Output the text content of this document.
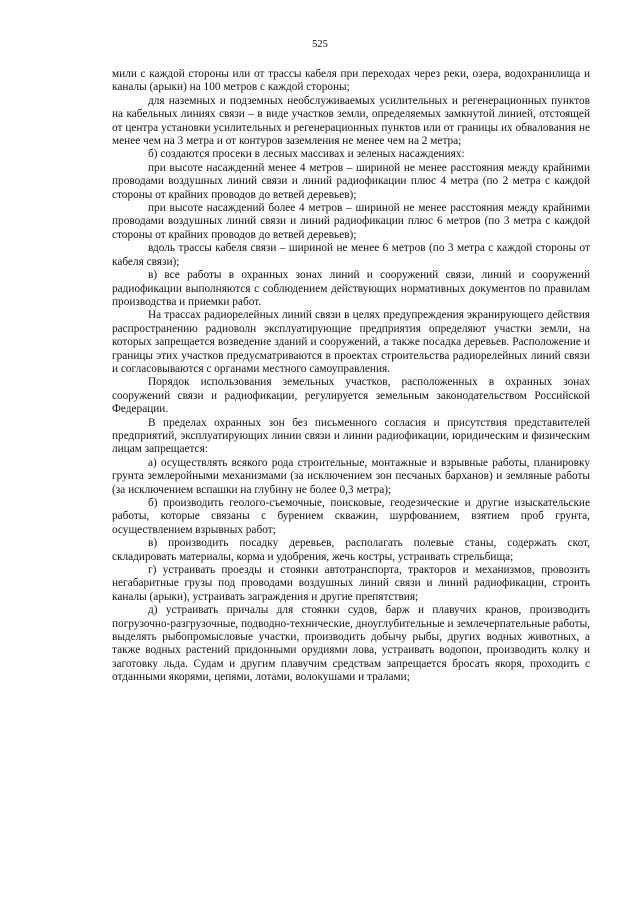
525

мили с каждой стороны или от трассы кабеля при переходах через реки, озера, водохранилища и каналы (арыки) на 100 метров с каждой стороны;

для наземных и подземных необслуживаемых усилительных и регенерационных пунктов на кабельных линиях связи – в виде участков земли, определяемых замкнутой линией, отстоящей от центра установки усилительных и регенерационных пунктов или от границы их обвалования не менее чем на 3 метра и от контуров заземления не менее чем на 2 метра;

б) создаются просеки в лесных массивах и зеленых насаждениях:

при высоте насаждений менее 4 метров – шириной не менее расстояния между крайними проводами воздушных линий связи и линий радиофикации плюс 4 метра (по 2 метра с каждой стороны от крайних проводов до ветвей деревьев);

при высоте насаждений более 4 метров – шириной не менее расстояния между крайними проводами воздушных линий связи и линий радиофикации плюс 6 метров (по 3 метра с каждой стороны от крайних проводов до ветвей деревьев);

вдоль трассы кабеля связи – шириной не менее 6 метров (по 3 метра с каждой стороны от кабеля связи);

в) все работы в охранных зонах линий и сооружений связи, линий и сооружений радиофикации выполняются с соблюдением действующих нормативных документов по правилам производства и приемки работ.

На трассах радиорелейных линий связи в целях предупреждения экранирующего действия распространению радиоволн эксплуатирующие предприятия определяют участки земли, на которых запрещается возведение зданий и сооружений, а также посадка деревьев. Расположение и границы этих участков предусматриваются в проектах строительства радиорелейных линий связи и согласовываются с органами местного самоуправления.

Порядок использования земельных участков, расположенных в охранных зонах сооружений связи и радиофикации, регулируется земельным законодательством Российской Федерации.

В пределах охранных зон без письменного согласия и присутствия представителей предприятий, эксплуатирующих линии связи и линии радиофикации, юридическим и физическим лицам запрещается:

а) осуществлять всякого рода строительные, монтажные и взрывные работы, планировку грунта землеройными механизмами (за исключением зон песчаных барханов) и земляные работы (за исключением вспашки на глубину не более 0,3 метра);

б) производить геолого-съемочные, поисковые, геодезические и другие изыскательские работы, которые связаны с бурением скважин, шурфованием, взятием проб грунта, осуществлением взрывных работ;

в) производить посадку деревьев, располагать полевые станы, содержать скот, складировать материалы, корма и удобрения, жечь костры, устраивать стрельбища;

г) устраивать проезды и стоянки автотранспорта, тракторов и механизмов, провозить негабаритные грузы под проводами воздушных линий связи и линий радиофикации, строить каналы (арыки), устраивать заграждения и другие препятствия;

д) устраивать причалы для стоянки судов, барж и плавучих кранов, производить погрузочно-разгрузочные, подводно-технические, дноуглубительные и землечерпательные работы, выделять рыбопромысловые участки, производить добычу рыбы, других водных животных, а также водных растений придонными орудиями лова, устраивать водопои, производить колку и заготовку льда. Судам и другим плавучим средствам запрещается бросать якоря, проходить с отданными якорями, цепями, лотами, волокушами и тралами;
